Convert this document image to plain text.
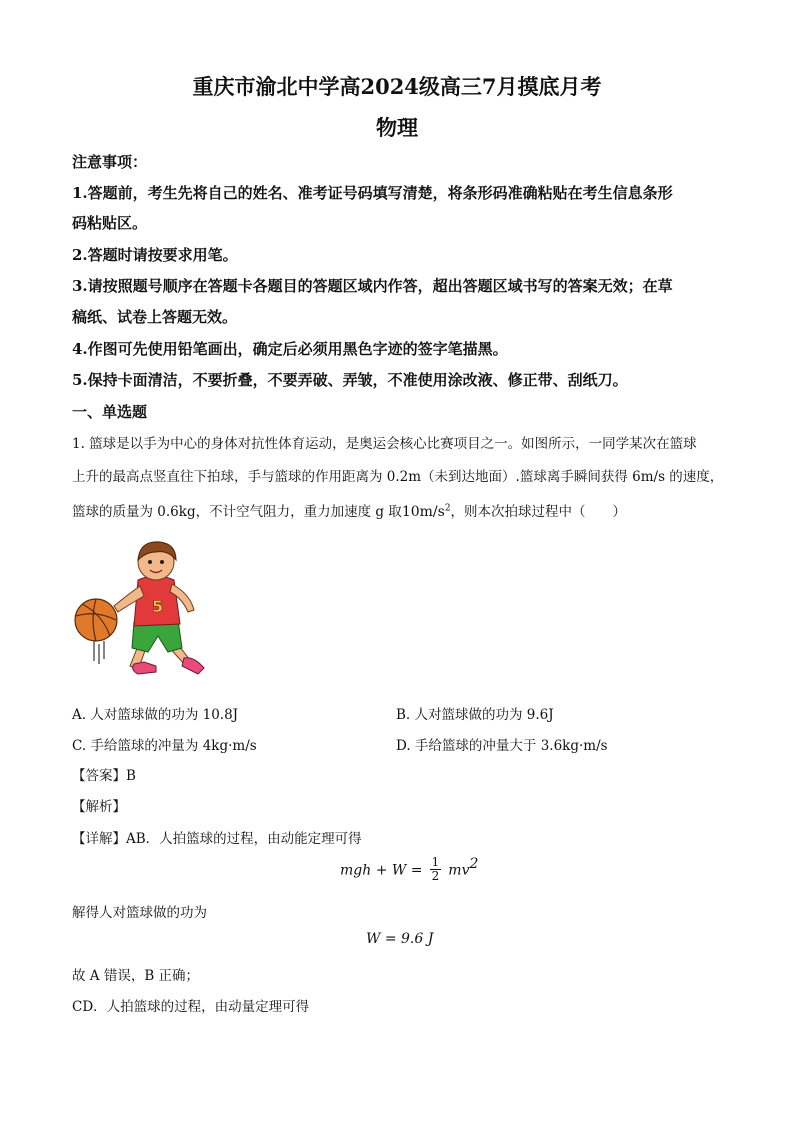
重庆市渝北中学高2024级高三7月摸底月考
物理
注意事项：
1.答题前，考生先将自己的姓名、准考证号码填写清楚，将条形码准确粘贴在考生信息条形
码粘贴区。
2.答题时请按要求用笔。
3.请按照题号顺序在答题卡各题目的答题区域内作答，超出答题区域书写的答案无效；在草
稿纸、试卷上答题无效。
4.作图可先使用铅笔画出，确定后必须用黑色字迹的签字笔描黑。
5.保持卡面清洁，不要折叠，不要弄破、弄皱，不准使用涂改液、修正带、刮纸刀。
一、单选题
1. 篮球是以手为中心的身体对抗性体育运动，是奥运会核心比赛项目之一。如图所示，一同学某次在篮球
上升的最高点竖直往下拍球，手与篮球的作用距离为 0.2m（未到达地面）.篮球离手瞬间获得 6m/s 的速度，
篮球的质量为 0.6kg，不计空气阻力，重力加速度 g 取$10m/s^2$，则本次拍球过程中（　　）
5
A. 人对篮球做的功为 10.8J	B. 人对篮球做的功为 9.6J
C. 手给篮球的冲量为 4kg·m/s	D. 手给篮球的冲量大于 3.6kg·m/s
【答案】B
【解析】
【详解】AB．人拍篮球的过程，由动能定理可得
mgh + $W = \frac{1}{2} mv^2$
解得人对篮球做的功为
W = 9.6 J
故 A 错误，B 正确；
CD．人拍篮球的过程，由动量定理可得
